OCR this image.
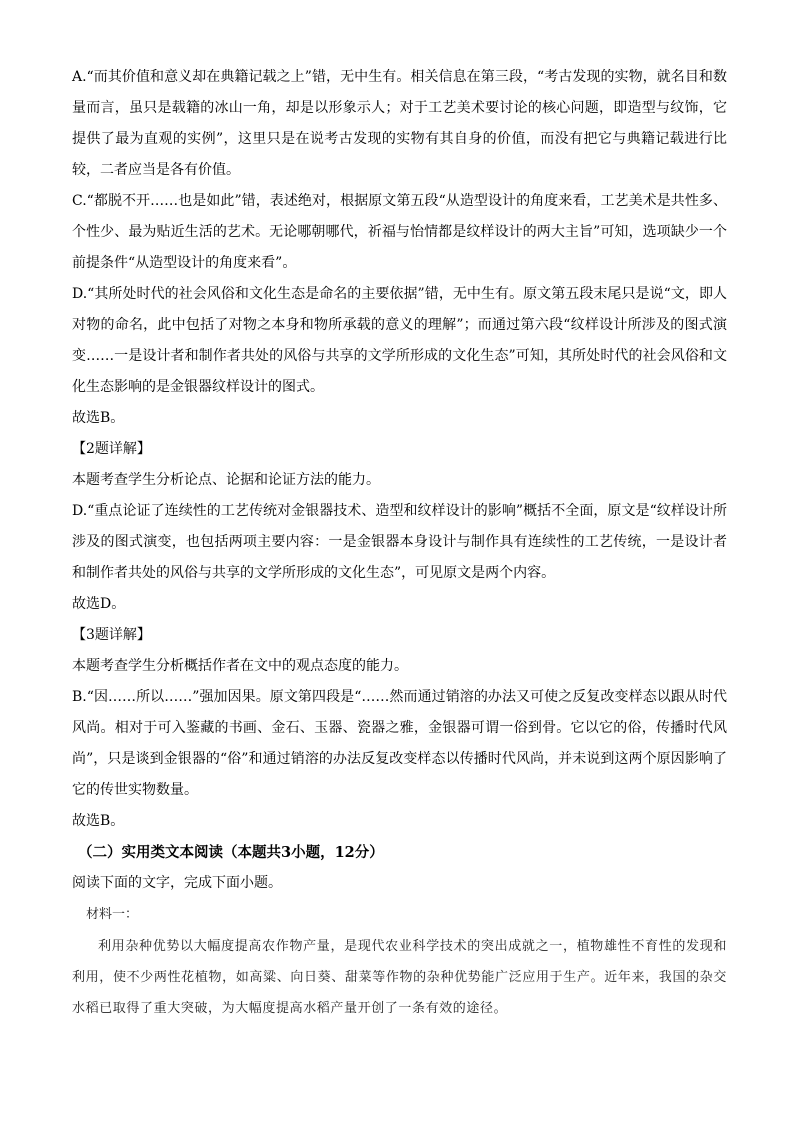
A.“而其价值和意义却在典籍记载之上”错，无中生有。相关信息在第三段，“考古发现的实物，就名目和数量而言，虽只是载籍的冰山一角，却是以形象示人；对于工艺美术要讨论的核心问题，即造型与纹饰，它提供了最为直观的实例”，这里只是在说考古发现的实物有其自身的价值，而没有把它与典籍记载进行比较，二者应当是各有价值。

C.“都脱不开……也是如此”错，表述绝对，根据原文第五段“从造型设计的角度来看，工艺美术是共性多、个性少、最为贴近生活的艺术。无论哪朝哪代，祈福与怡情都是纹样设计的两大主旨”可知，选项缺少一个前提条件“从造型设计的角度来看”。

D.“其所处时代的社会风俗和文化生态是命名的主要依据”错，无中生有。原文第五段末尾只是说“文，即人对物的命名，此中包括了对物之本身和物所承载的意义的理解”；而通过第六段“纹样设计所涉及的图式演变……一是设计者和制作者共处的风俗与共享的文学所形成的文化生态”可知，其所处时代的社会风俗和文化生态影响的是金银器纹样设计的图式。

故选B。

【2题详解】

本题考查学生分析论点、论据和论证方法的能力。

D.“重点论证了连续性的工艺传统对金银器技术、造型和纹样设计的影响”概括不全面，原文是“纹样设计所涉及的图式演变，也包括两项主要内容：一是金银器本身设计与制作具有连续性的工艺传统，一是设计者和制作者共处的风俗与共享的文学所形成的文化生态”，可见原文是两个内容。

故选D。

【3题详解】

本题考查学生分析概括作者在文中的观点态度的能力。

B.“因……所以……”强加因果。原文第四段是“……然而通过销溶的办法又可使之反复改变样态以跟从时代风尚。相对于可入鉴藏的书画、金石、玉器、瓷器之雅，金银器可谓一俗到骨。它以它的俗，传播时代风尚”，只是谈到金银器的“俗”和通过销溶的办法反复改变样态以传播时代风尚，并未说到这两个原因影响了它的传世实物数量。

故选B。

（二）实用类文本阅读（本题共3小题，12分）

阅读下面的文字，完成下面小题。

材料一：

利用杂种优势以大幅度提高农作物产量，是现代农业科学技术的突出成就之一，植物雄性不育性的发现和利用，使不少两性花植物，如高粱、向日葵、甜菜等作物的杂种优势能广泛应用于生产。近年来，我国的杂交水稻已取得了重大突破，为大幅度提高水稻产量开创了一条有效的途径。
